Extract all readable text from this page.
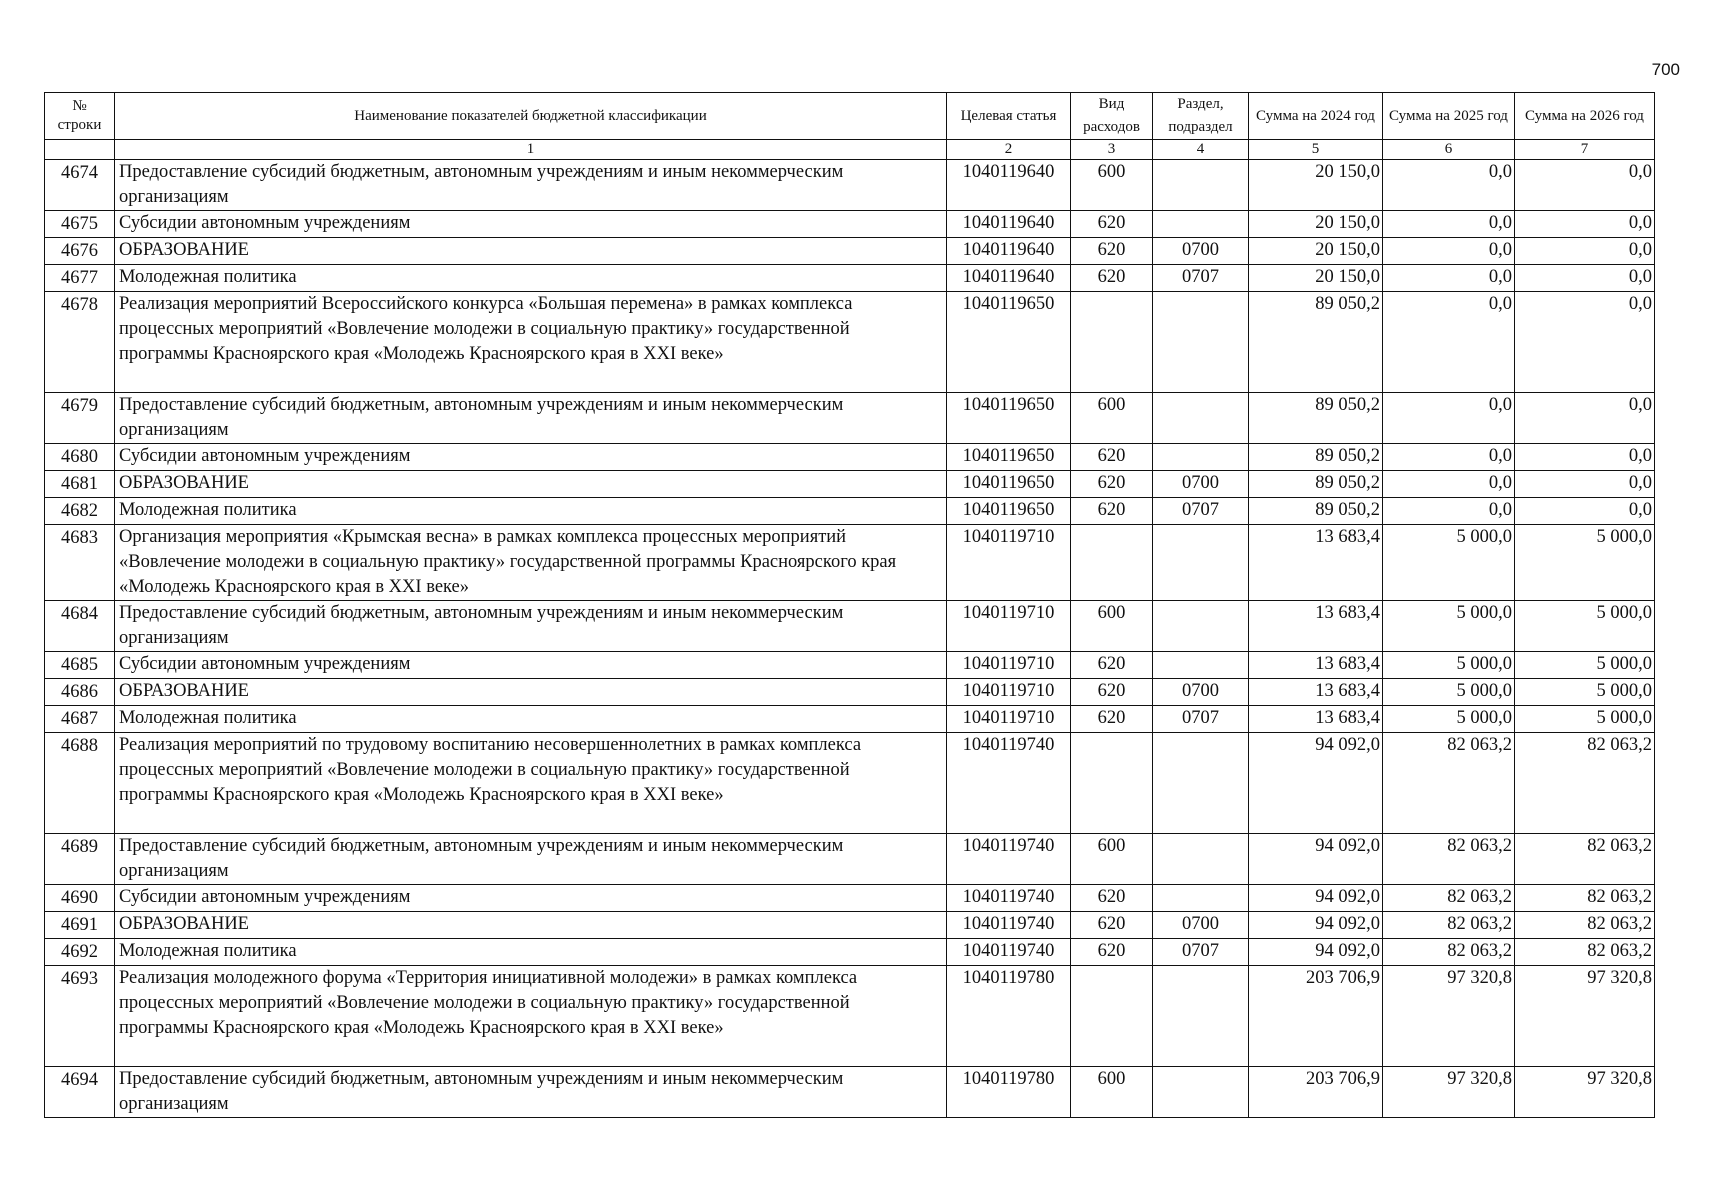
700
№
строки	Наименование показателей бюджетной классификации	Целевая статья	Вид расходов	Раздел, подраздел	Сумма на 2024 год	Сумма на 2025 год	Сумма на 2026 год
	1	2	3	4	5	6	7
4674	Предоставление субсидий бюджетным, автономным учреждениям и иным некоммерческим организациям	1040119640	600		20 150,0	0,0	0,0
4675	Субсидии автономным учреждениям	1040119640	620		20 150,0	0,0	0,0
4676	ОБРАЗОВАНИЕ	1040119640	620	0700	20 150,0	0,0	0,0
4677	Молодежная политика	1040119640	620	0707	20 150,0	0,0	0,0
4678	Реализация мероприятий Всероссийского конкурса «Большая перемена» в рамках комплекса процессных мероприятий «Вовлечение молодежи в социальную практику» государственной программы Красноярского края «Молодежь Красноярского края в XXI веке»	1040119650			89 050,2	0,0	0,0
4679	Предоставление субсидий бюджетным, автономным учреждениям и иным некоммерческим организациям	1040119650	600		89 050,2	0,0	0,0
4680	Субсидии автономным учреждениям	1040119650	620		89 050,2	0,0	0,0
4681	ОБРАЗОВАНИЕ	1040119650	620	0700	89 050,2	0,0	0,0
4682	Молодежная политика	1040119650	620	0707	89 050,2	0,0	0,0
4683	Организация мероприятия «Крымская весна» в рамках комплекса процессных мероприятий «Вовлечение молодежи в социальную практику» государственной программы Красноярского края «Молодежь Красноярского края в XXI веке»	1040119710			13 683,4	5 000,0	5 000,0
4684	Предоставление субсидий бюджетным, автономным учреждениям и иным некоммерческим организациям	1040119710	600		13 683,4	5 000,0	5 000,0
4685	Субсидии автономным учреждениям	1040119710	620		13 683,4	5 000,0	5 000,0
4686	ОБРАЗОВАНИЕ	1040119710	620	0700	13 683,4	5 000,0	5 000,0
4687	Молодежная политика	1040119710	620	0707	13 683,4	5 000,0	5 000,0
4688	Реализация мероприятий по трудовому воспитанию несовершеннолетних в рамках комплекса процессных мероприятий «Вовлечение молодежи в социальную практику» государственной программы Красноярского края «Молодежь Красноярского края в XXI веке»	1040119740			94 092,0	82 063,2	82 063,2
4689	Предоставление субсидий бюджетным, автономным учреждениям и иным некоммерческим организациям	1040119740	600		94 092,0	82 063,2	82 063,2
4690	Субсидии автономным учреждениям	1040119740	620		94 092,0	82 063,2	82 063,2
4691	ОБРАЗОВАНИЕ	1040119740	620	0700	94 092,0	82 063,2	82 063,2
4692	Молодежная политика	1040119740	620	0707	94 092,0	82 063,2	82 063,2
4693	Реализация молодежного форума «Территория инициативной молодежи» в рамках комплекса процессных мероприятий «Вовлечение молодежи в социальную практику» государственной программы Красноярского края «Молодежь Красноярского края в XXI веке»	1040119780			203 706,9	97 320,8	97 320,8
4694	Предоставление субсидий бюджетным, автономным учреждениям и иным некоммерческим организациям	1040119780	600		203 706,9	97 320,8	97 320,8
